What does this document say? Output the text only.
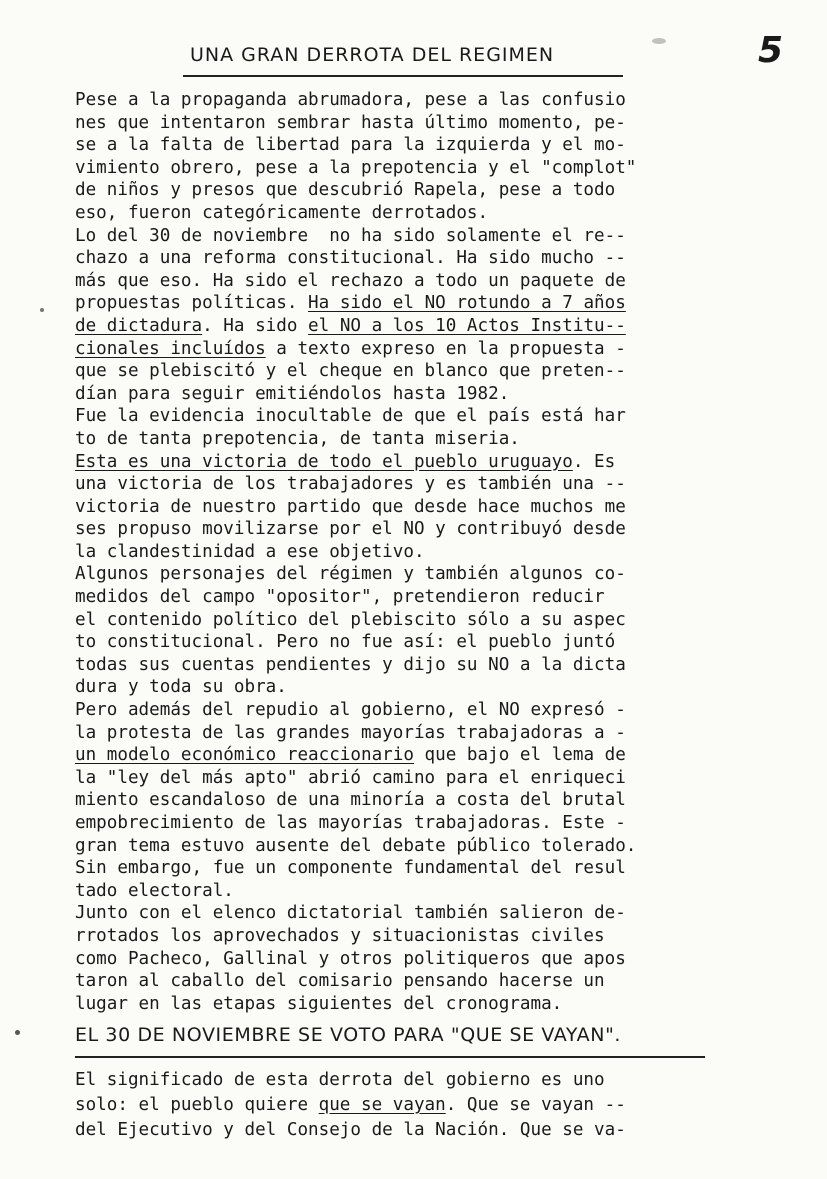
UNA GRAN DERROTA DEL REGIMEN	5
Pese a la propaganda abrumadora, pese a las confusio
nes que intentaron sembrar hasta último momento, pe-
se a la falta de libertad para la izquierda y el mo-
vimiento obrero, pese a la prepotencia y el "complot"
de niños y presos que descubrió Rapela, pese a todo
eso, fueron categóricamente derrotados.
Lo del 30 de noviembre  no ha sido solamente el re--
chazo a una reforma constitucional. Ha sido mucho --
más que eso. Ha sido el rechazo a todo un paquete de
propuestas políticas. Ha sido el NO rotundo a 7 años
de dictadura. Ha sido el NO a los 10 Actos Institu--
cionales incluídos a texto expreso en la propuesta -
que se plebiscitó y el cheque en blanco que preten--
dían para seguir emitiéndolos hasta 1982.
Fue la evidencia inocultable de que el país está har
to de tanta prepotencia, de tanta miseria.
Esta es una victoria de todo el pueblo uruguayo. Es
una victoria de los trabajadores y es también una --
victoria de nuestro partido que desde hace muchos me
ses propuso movilizarse por el NO y contribuyó desde
la clandestinidad a ese objetivo.
Algunos personajes del régimen y también algunos co-
medidos del campo "opositor", pretendieron reducir
el contenido político del plebiscito sólo a su aspec
to constitucional. Pero no fue así: el pueblo juntó
todas sus cuentas pendientes y dijo su NO a la dicta
dura y toda su obra.
Pero además del repudio al gobierno, el NO expresó -
la protesta de las grandes mayorías trabajadoras a -
un modelo económico reaccionario que bajo el lema de
la "ley del más apto" abrió camino para el enriqueci
miento escandaloso de una minoría a costa del brutal
empobrecimiento de las mayorías trabajadoras. Este -
gran tema estuvo ausente del debate público tolerado.
Sin embargo, fue un componente fundamental del resul
tado electoral.
Junto con el elenco dictatorial también salieron de-
rrotados los aprovechados y situacionistas civiles
como Pacheco, Gallinal y otros politiqueros que apos
taron al caballo del comisario pensando hacerse un
lugar en las etapas siguientes del cronograma.
EL 30 DE NOVIEMBRE SE VOTO PARA "QUE SE VAYAN".
El significado de esta derrota del gobierno es uno
solo: el pueblo quiere que se vayan. Que se vayan --
del Ejecutivo y del Consejo de la Nación. Que se va-
